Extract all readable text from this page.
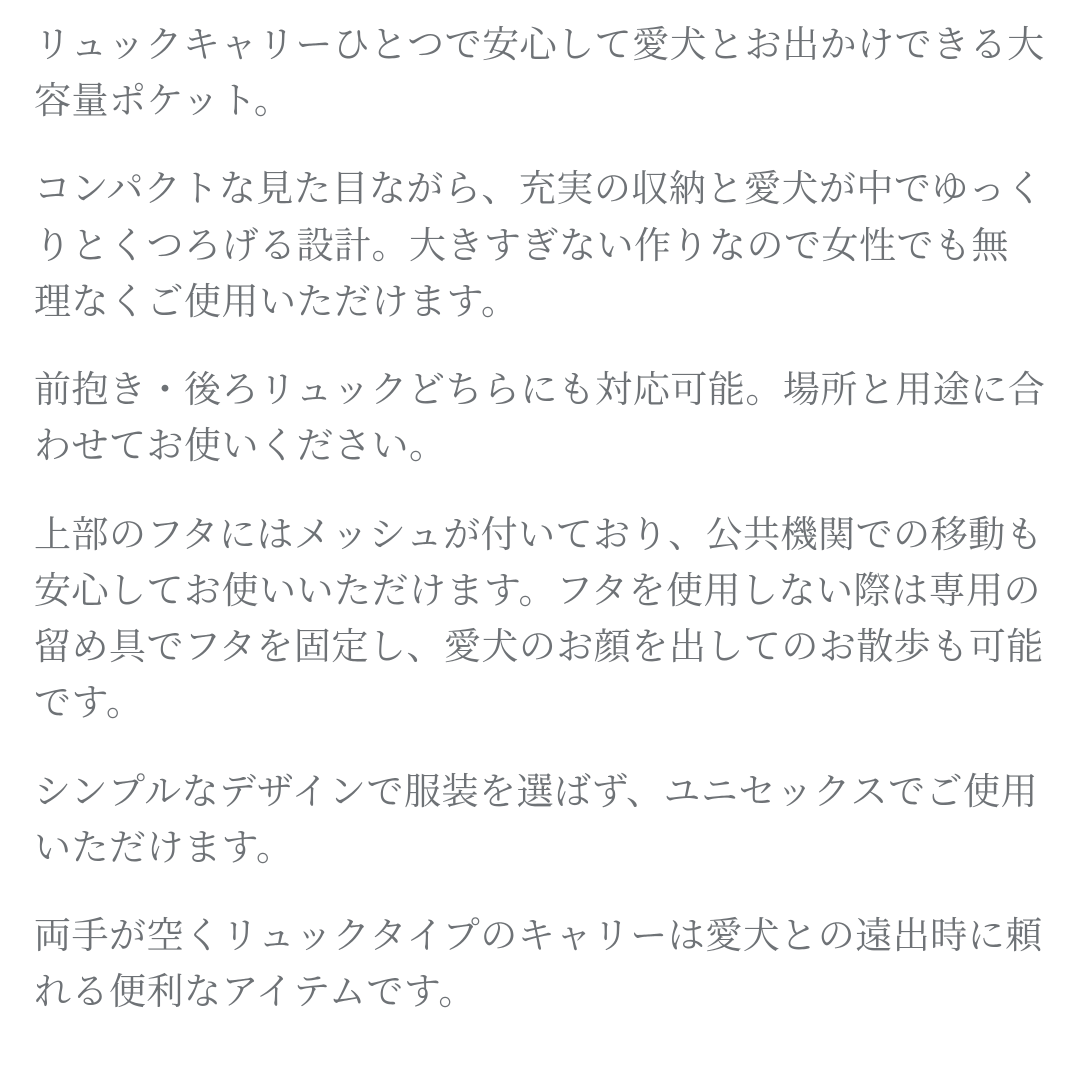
リュックキャリーひとつで安心して愛犬とお出かけできる大容量ポケット。

コンパクトな見た目ながら、充実の収納と愛犬が中でゆっくりとくつろげる設計。大きすぎない作りなので女性でも無理なくご使用いただけます。

前抱き・後ろリュックどちらにも対応可能。場所と用途に合わせてお使いください。

上部のフタにはメッシュが付いており、公共機関での移動も安心してお使いいただけます。フタを使用しない際は専用の留め具でフタを固定し、愛犬のお顔を出してのお散歩も可能です。

シンプルなデザインで服装を選ばず、ユニセックスでご使用いただけます。

両手が空くリュックタイプのキャリーは愛犬との遠出時に頼れる便利なアイテムです。
